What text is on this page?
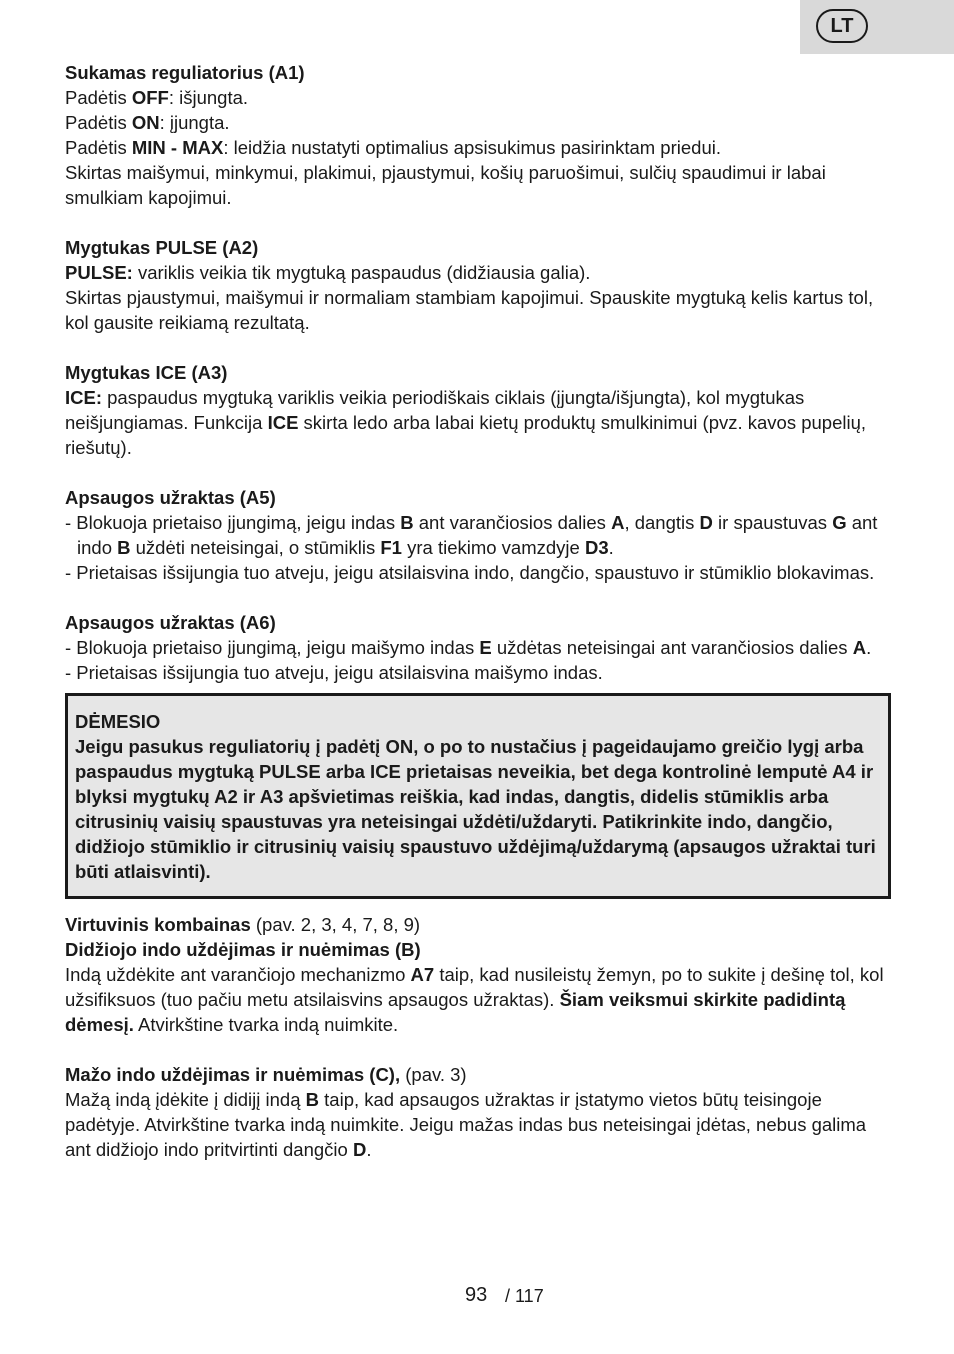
LT

Sukamas reguliatorius (A1)

Padėtis OFF: išjungta.

Padėtis ON: įjungta.

Padėtis MIN - MAX: leidžia nustatyti optimalius apsisukimus pasirinktam priedui.

Skirtas maišymui, minkymui, plakimui, pjaustymui, košių paruošimui, sulčių spaudimui ir labai smulkiam kapojimui.

Mygtukas PULSE (A2)

PULSE: variklis veikia tik mygtuką paspaudus (didžiausia galia).

Skirtas pjaustymui, maišymui ir normaliam stambiam kapojimui. Spauskite mygtuką kelis kartus tol, kol gausite reikiamą rezultatą.

Mygtukas ICE (A3)

ICE: paspaudus mygtuką variklis veikia periodiškais ciklais (įjungta/išjungta), kol mygtukas neišjungiamas. Funkcija ICE skirta ledo arba labai kietų produktų smulkinimui (pvz. kavos pupelių, riešutų).

Apsaugos užraktas (A5)

- Blokuoja prietaiso įjungimą, jeigu indas B ant varančiosios dalies A, dangtis D ir spaustuvas G ant indo B uždėti neteisingai, o stūmiklis F1 yra tiekimo vamzdyje D3.

- Prietaisas išsijungia tuo atveju, jeigu atsilaisvina indo, dangčio, spaustuvo ir stūmiklio blokavimas.

Apsaugos užraktas (A6)

- Blokuoja prietaiso įjungimą, jeigu maišymo indas E uždėtas neteisingai ant varančiosios dalies A.

- Prietaisas išsijungia tuo atveju, jeigu atsilaisvina maišymo indas.

DĖMESIO

Jeigu pasukus reguliatorių į padėtį ON, o po to nustačius į pageidaujamo greičio lygį arba paspaudus mygtuką PULSE arba ICE prietaisas neveikia, bet dega kontrolinė lemputė A4 ir blyksi mygtukų A2 ir A3 apšvietimas reiškia, kad indas, dangtis, didelis stūmiklis arba citrusinių vaisių spaustuvas yra neteisingai uždėti/uždaryti. Patikrinkite indo, dangčio, didžiojo stūmiklio ir citrusinių vaisių spaustuvo uždėjimą/uždarymą (apsaugos užraktai turi būti atlaisvinti).

Virtuvinis kombainas (pav. 2, 3, 4, 7, 8, 9)

Didžiojo indo uždėjimas ir nuėmimas (B)

Indą uždėkite ant varančiojo mechanizmo A7 taip, kad nusileistų žemyn, po to sukite į dešinę tol, kol užsifiksuos (tuo pačiu metu atsilaisvins apsaugos užraktas). Šiam veiksmui skirkite padidintą dėmesį. Atvirkštine tvarka indą nuimkite.

Mažo indo uždėjimas ir nuėmimas (C), (pav. 3)

Mažą indą įdėkite į didijį indą B taip, kad apsaugos užraktas ir įstatymo vietos būtų teisingoje padėtyje. Atvirkštine tvarka indą nuimkite. Jeigu mažas indas bus neteisingai įdėtas, nebus galima ant didžiojo indo pritvirtinti dangčio D.

93 / 117
